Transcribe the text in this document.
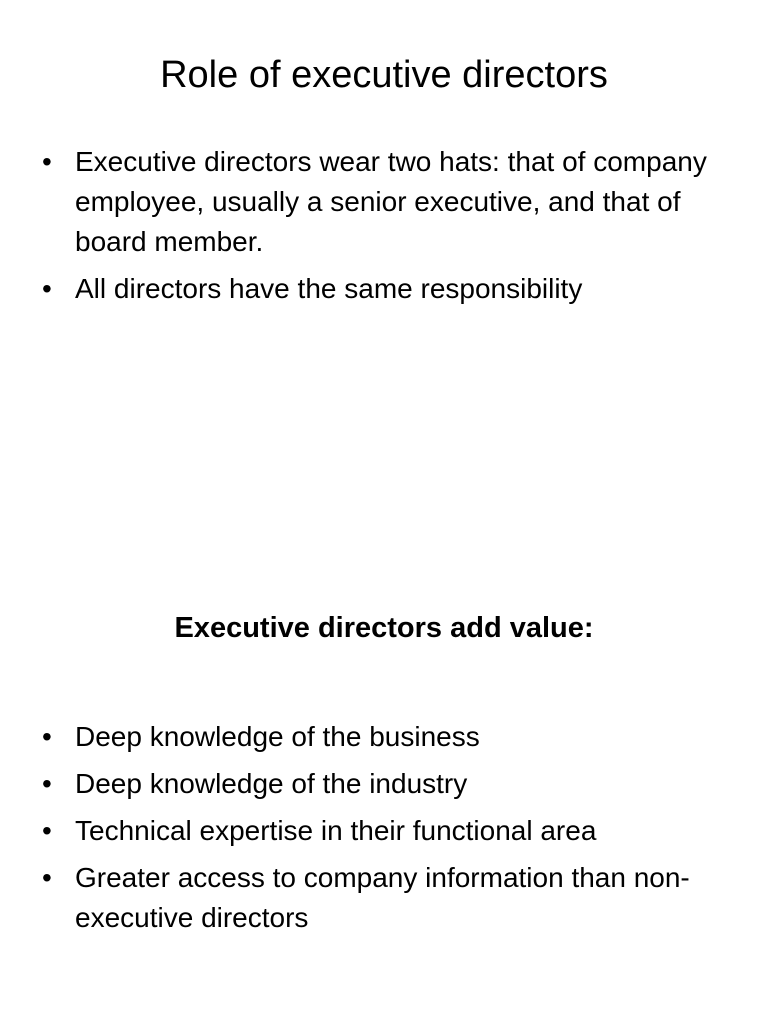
Role of executive directors
• Executive directors wear two hats: that of company employee, usually a senior executive, and that of board member.
• All directors have the same responsibility
Executive directors add value:
• Deep knowledge of the business
• Deep knowledge of the industry
• Technical expertise in their functional area
• Greater access to company information than non-executive directors
